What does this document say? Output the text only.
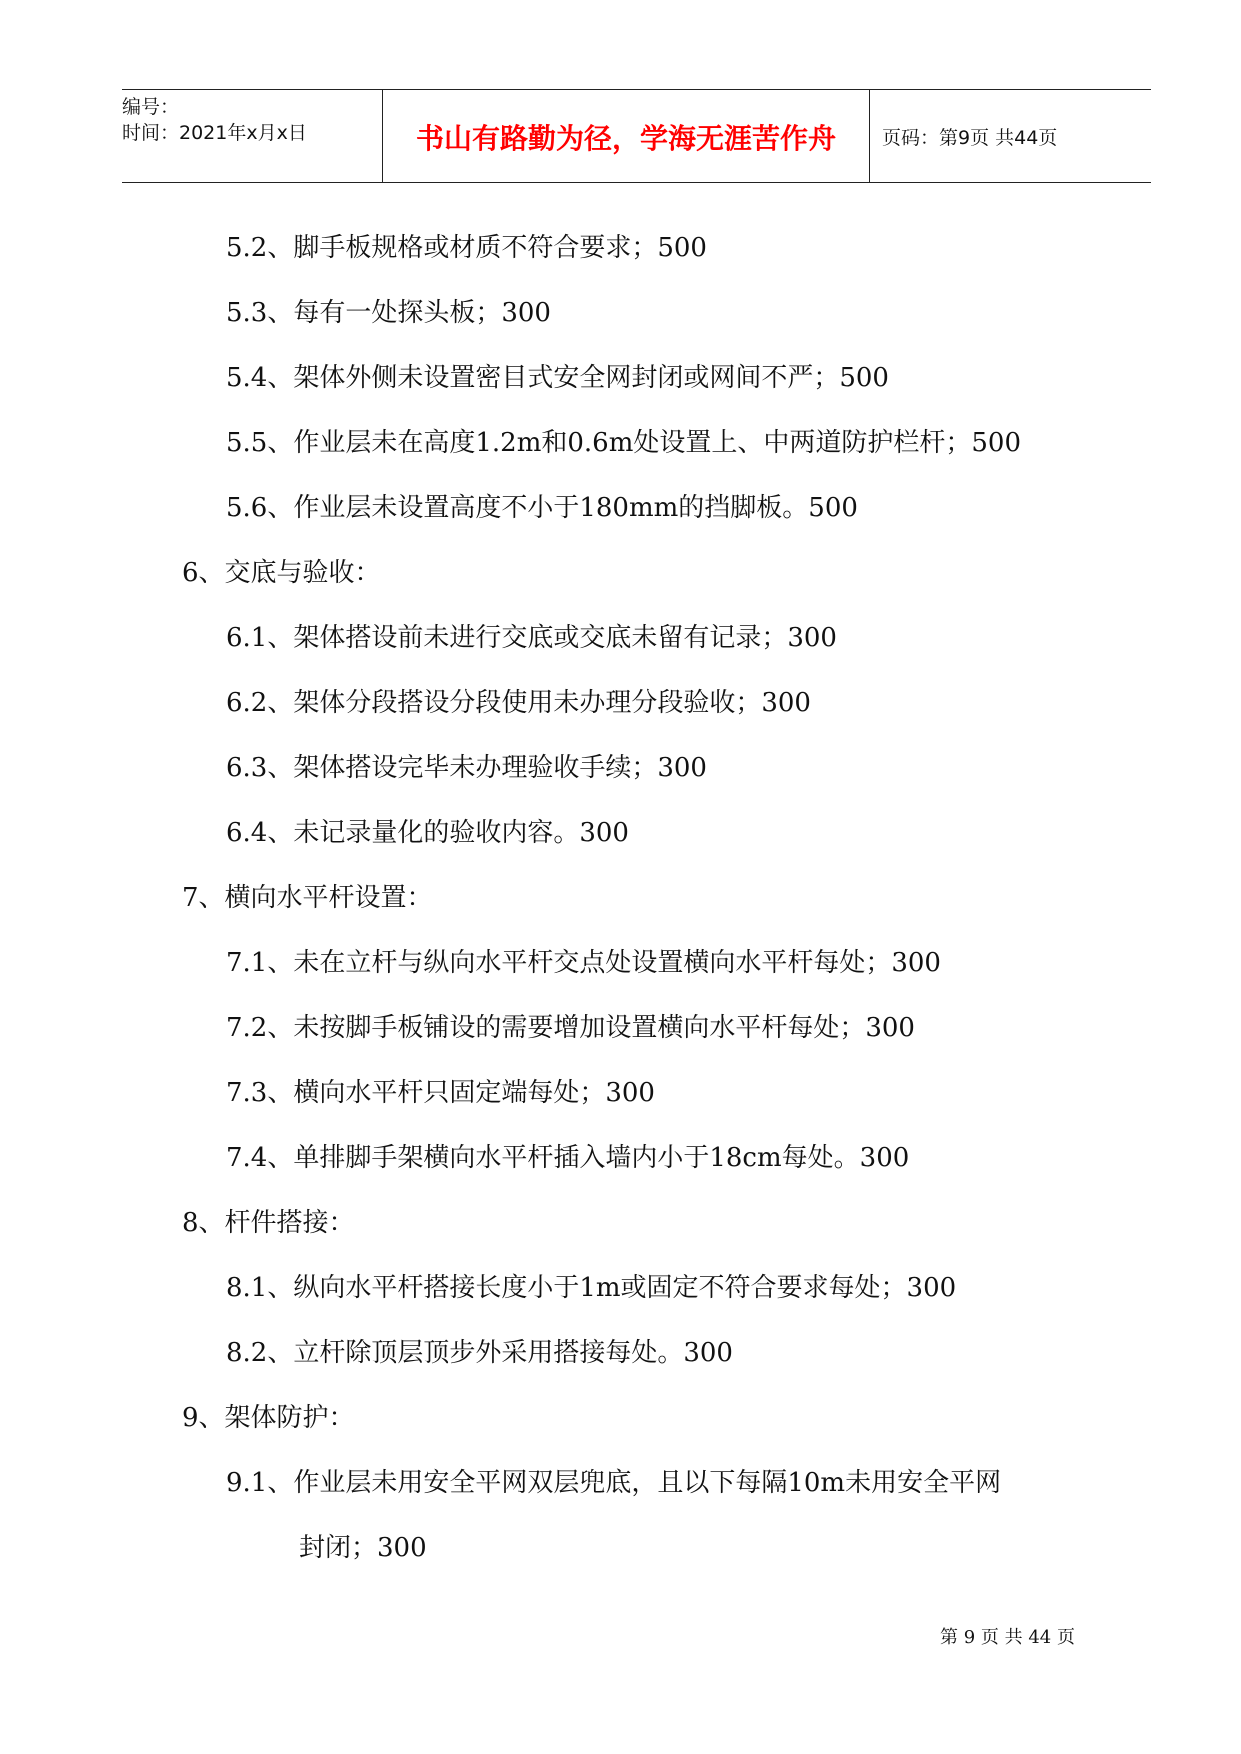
编号：
时间：2021年x月x日	书山有路勤为径，学海无涯苦作舟	页码：第9页 共44页
5.2、脚手板规格或材质不符合要求；500
5.3、每有一处探头板；300
5.4、架体外侧未设置密目式安全网封闭或网间不严；500
5.5、作业层未在高度1.2m和0.6m处设置上、中两道防护栏杆；500
5.6、作业层未设置高度不小于180mm的挡脚板。500
6、交底与验收：
6.1、架体搭设前未进行交底或交底未留有记录；300
6.2、架体分段搭设分段使用未办理分段验收；300
6.3、架体搭设完毕未办理验收手续；300
6.4、未记录量化的验收内容。300
7、横向水平杆设置：
7.1、未在立杆与纵向水平杆交点处设置横向水平杆每处；300
7.2、未按脚手板铺设的需要增加设置横向水平杆每处；300
7.3、横向水平杆只固定端每处；300
7.4、单排脚手架横向水平杆插入墙内小于18cm每处。300
8、杆件搭接：
8.1、纵向水平杆搭接长度小于1m或固定不符合要求每处；300
8.2、立杆除顶层顶步外采用搭接每处。300
9、架体防护：
9.1、作业层未用安全平网双层兜底，且以下每隔10m未用安全平网
封闭；300
第 9 页 共 44 页
